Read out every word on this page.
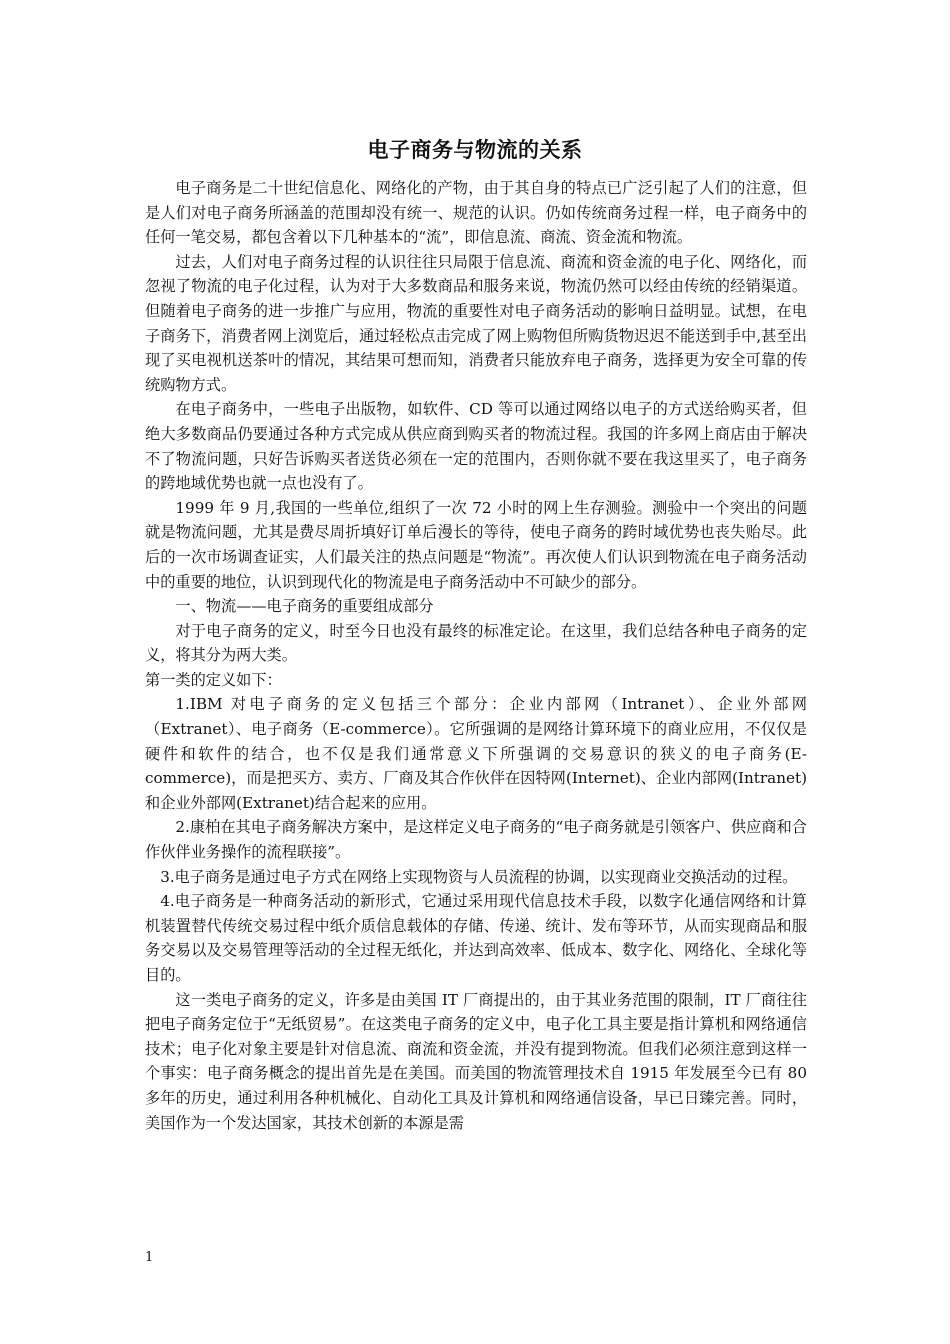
电子商务与物流的关系

电子商务是二十世纪信息化、网络化的产物，由于其自身的特点已广泛引起了人们的注意，但是人们对电子商务所涵盖的范围却没有统一、规范的认识。仍如传统商务过程一样，电子商务中的任何一笔交易，都包含着以下几种基本的“流”，即信息流、商流、资金流和物流。

过去，人们对电子商务过程的认识往往只局限于信息流、商流和资金流的电子化、网络化，而忽视了物流的电子化过程，认为对于大多数商品和服务来说，物流仍然可以经由传统的经销渠道。但随着电子商务的进一步推广与应用，物流的重要性对电子商务活动的影响日益明显。试想，在电子商务下，消费者网上浏览后，通过轻松点击完成了网上购物但所购货物迟迟不能送到手中,甚至出现了买电视机送茶叶的情况，其结果可想而知，消费者只能放弃电子商务，选择更为安全可靠的传统购物方式。

在电子商务中，一些电子出版物，如软件、CD 等可以通过网络以电子的方式送给购买者，但绝大多数商品仍要通过各种方式完成从供应商到购买者的物流过程。我国的许多网上商店由于解决不了物流问题，只好告诉购买者送货必须在一定的范围内，否则你就不要在我这里买了，电子商务的跨地域优势也就一点也没有了。

1999 年 9 月,我国的一些单位,组织了一次 72 小时的网上生存测验。测验中一个突出的问题就是物流问题，尤其是费尽周折填好订单后漫长的等待，使电子商务的跨时域优势也丧失贻尽。此后的一次市场调查证实，人们最关注的热点问题是“物流”。再次使人们认识到物流在电子商务活动中的重要的地位，认识到现代化的物流是电子商务活动中不可缺少的部分。

一、物流——电子商务的重要组成部分

对于电子商务的定义，时至今日也没有最终的标准定论。在这里，我们总结各种电子商务的定义，将其分为两大类。

第一类的定义如下：

1.IBM 对电子商务的定义包括三个部分：企业内部网（Intranet）、企业外部网（Extranet）、电子商务（E-commerce）。它所强调的是网络计算环境下的商业应用，不仅仅是硬件和软件的结合，也不仅是我们通常意义下所强调的交易意识的狭义的电子商务(E-commerce)，而是把买方、卖方、厂商及其合作伙伴在因特网(Internet)、企业内部网(Intranet)和企业外部网(Extranet)结合起来的应用。

2.康柏在其电子商务解决方案中，是这样定义电子商务的“电子商务就是引领客户、供应商和合作伙伴业务操作的流程联接”。

3.电子商务是通过电子方式在网络上实现物资与人员流程的协调，以实现商业交换活动的过程。

4.电子商务是一种商务活动的新形式，它通过采用现代信息技术手段，以数字化通信网络和计算机装置替代传统交易过程中纸介质信息载体的存储、传递、统计、发布等环节，从而实现商品和服务交易以及交易管理等活动的全过程无纸化，并达到高效率、低成本、数字化、网络化、全球化等目的。

这一类电子商务的定义，许多是由美国 IT 厂商提出的，由于其业务范围的限制，IT 厂商往往把电子商务定位于“无纸贸易”。在这类电子商务的定义中，电子化工具主要是指计算机和网络通信技术；电子化对象主要是针对信息流、商流和资金流，并没有提到物流。但我们必须注意到这样一个事实：电子商务概念的提出首先是在美国。而美国的物流管理技术自 1915 年发展至今已有 80 多年的历史，通过利用各种机械化、自动化工具及计算机和网络通信设备，早已日臻完善。同时，美国作为一个发达国家，其技术创新的本源是需

1
